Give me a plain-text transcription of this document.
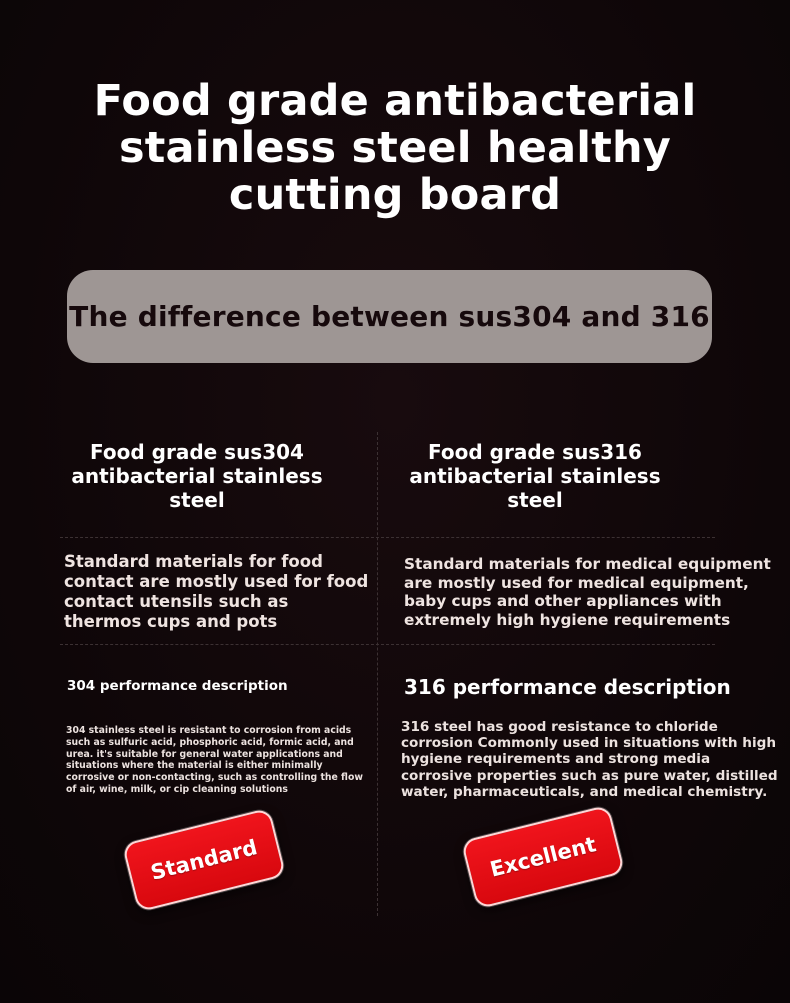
Food grade antibacterial
stainless steel healthy
cutting board
The difference between sus304 and 316
Food grade sus304
antibacterial stainless
steel
Food grade sus316
antibacterial stainless
steel
Standard materials for food contact are mostly used for food contact utensils such as thermos cups and pots
Standard materials for medical equipment are mostly used for medical equipment, baby cups and other appliances with extremely high hygiene requirements
304 performance description	316 performance description
304 stainless steel is resistant to corrosion from acids such as sulfuric acid, phosphoric acid, formic acid, and urea. it's suitable for general water applications and situations where the material is either minimally corrosive or non-contacting, such as controlling the flow of air, wine, milk, or cip cleaning solutions
316 steel has good resistance to chloride corrosion Commonly used in situations with high hygiene requirements and strong media corrosive properties such as pure water, distilled water, pharmaceuticals, and medical chemistry.
Standard	Excellent
